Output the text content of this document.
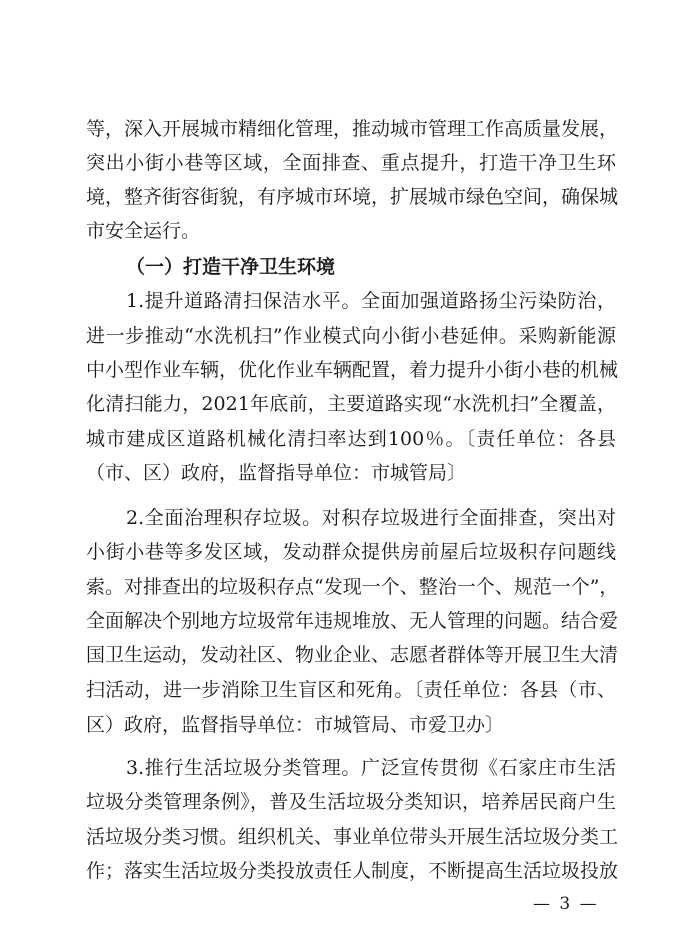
等，深入开展城市精细化管理，推动城市管理工作高质量发展，
突出小街小巷等区域，全面排查、重点提升，打造干净卫生环
境，整齐街容街貌，有序城市环境，扩展城市绿色空间，确保城
市安全运行。
（一）打造干净卫生环境
1.提升道路清扫保洁水平。全面加强道路扬尘污染防治，
进一步推动“水洗机扫”作业模式向小街小巷延伸。采购新能源
中小型作业车辆，优化作业车辆配置，着力提升小街小巷的机械
化清扫能力，2021年底前，主要道路实现“水洗机扫”全覆盖，
城市建成区道路机械化清扫率达到100％。〔责任单位：各县
（市、区）政府，监督指导单位：市城管局〕
2.全面治理积存垃圾。对积存垃圾进行全面排查，突出对
小街小巷等多发区域，发动群众提供房前屋后垃圾积存问题线
索。对排查出的垃圾积存点“发现一个、整治一个、规范一个”，
全面解决个别地方垃圾常年违规堆放、无人管理的问题。结合爱
国卫生运动，发动社区、物业企业、志愿者群体等开展卫生大清
扫活动，进一步消除卫生盲区和死角。〔责任单位：各县（市、
区）政府，监督指导单位：市城管局、市爱卫办〕
3.推行生活垃圾分类管理。广泛宣传贯彻《石家庄市生活
垃圾分类管理条例》，普及生活垃圾分类知识，培养居民商户生
活垃圾分类习惯。组织机关、事业单位带头开展生活垃圾分类工
作；落实生活垃圾分类投放责任人制度，不断提高生活垃圾投放
— 3 —
